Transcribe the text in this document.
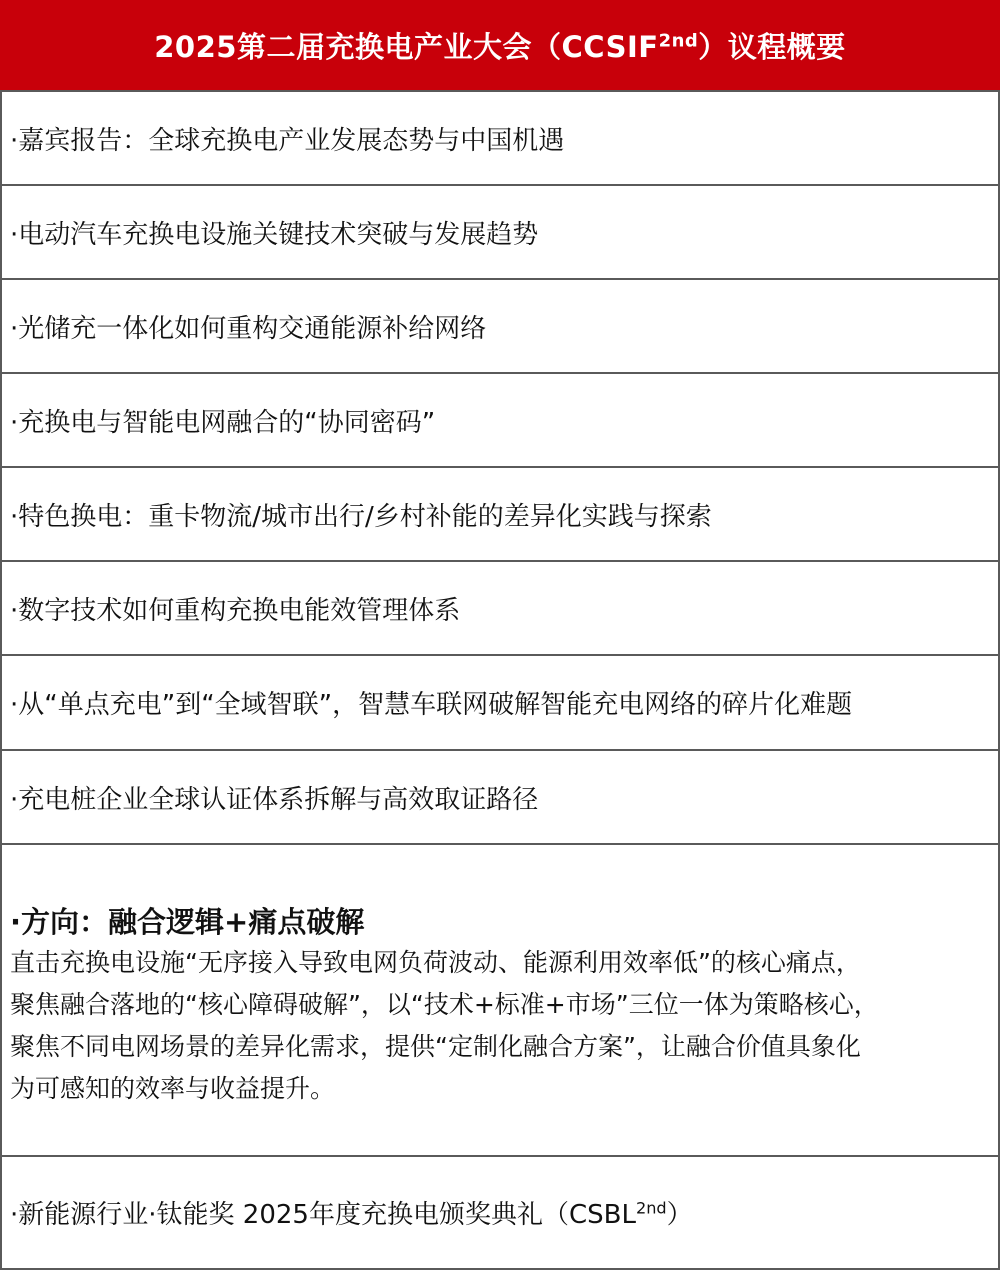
2025第二届充换电产业大会$(CCSIF^{2nd})$议程概要
·嘉宾报告：全球充换电产业发展态势与中国机遇
·电动汽车充换电设施关键技术突破与发展趋势
·光储充一体化如何重构交通能源补给网络
·充换电与智能电网融合的“协同密码”
·特色换电：重卡物流/城市出行/乡村补能的差异化实践与探索
·数字技术如何重构充换电能效管理体系
·从“单点充电”到“全域智联”，智慧车联网破解智能充电网络的碎片化难题
·充电桩企业全球认证体系拆解与高效取证路径
·方向：融合逻辑+痛点破解
直击充换电设施“无序接入导致电网负荷波动、能源利用效率低”的核心痛点，
聚焦融合落地的“核心障碍破解”，以“技术+标准+市场”三位一体为策略核心，
聚焦不同电网场景的差异化需求，提供“定制化融合方案”，让融合价值具象化
为可感知的效率与收益提升。
·新能源行业·钛能奖 2025年度充换电颁奖典礼$(CSBL^{2nd})$
